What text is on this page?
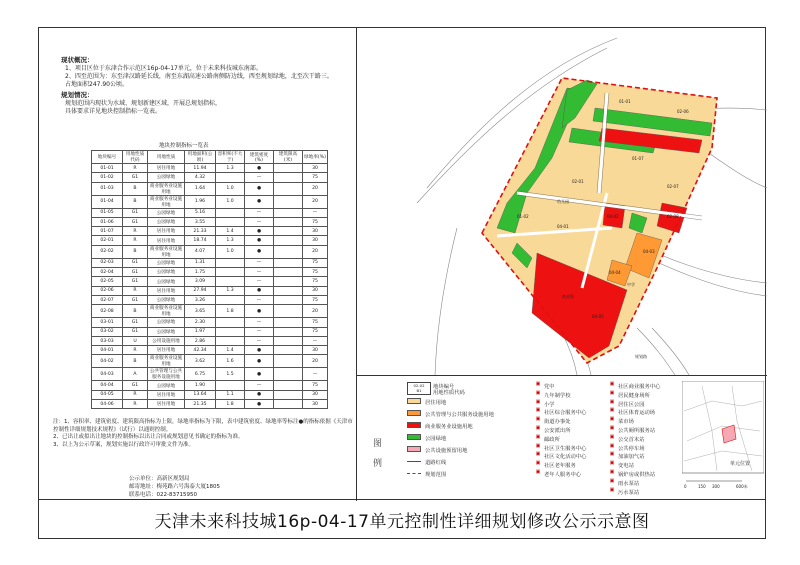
现状概况：
1、项目区位于东津合作示范区16p-04-17单元，位于未来科技城东南部。
2、四至范围为：东至津汉路延长线，南至东湖高速公路南侧防边线，西至规划绿地，北至次干路三。
占地面积247.90公顷。
规划情况：
规划范围内现状为水域、规划新建区域，开展总规划指标，
具体要求详见地块控制指标一览表。
地块控制指标一览表
地块编号	用地性质代码	用地性质	用地面积(公顷)	容积率(不大于)	建筑密度(%)	建筑限高(米)	绿地率(%)
01-01	R	居住用地	11.94	1.3	●		30
01-02	G1	公园绿地	4.32		—		75
01-03	B	商业服务业设施用地	1.64	1.0	●		20
01-04	B	商业服务业设施用地	1.96	1.0	●		20
01-05	G1	公园绿地	5.16		—		—
01-06	G1	公园绿地	3.55		—		75
01-07	R	居住用地	21.33	1.4	●		30
02-01	R	居住用地	18.74	1.3	●		30
02-02	B	商业服务业设施用地	4.07	1.0	●		20
02-03	G1	公园绿地	1.31		—		75
02-04	G1	公园绿地	1.75		—		75
02-05	G1	公园绿地	3.09		—		75
02-06	R	居住用地	27.94	1.3	●		30
02-07	G1	公园绿地	3.26		—		75
02-08	B	商业服务业设施用地	3.65	1.8	●		20
03-01	G1	公园绿地	2.30		—		75
03-02	G1	公园绿地	1.97		—		75
03-03	U	公用设施用地	2.86		—		—
04-01	R	居住用地	42.34	1.4	●		30
04-02	B	商业服务业设施用地	3.62	1.6	●		20
04-03	A	公共管理与公共服务设施用地	6.75	1.5	●		—
04-04	G1	公园绿地	1.90		—		75
04-05	R	居住用地	13.64	1.1	●		30
04-06	R	居住用地	21.35	1.8	●		30
注：1、容积率、建筑密度、建筑限高指标为上限，绿地率指标为下限，表中建筑密度、绿地率等标注●的指标依据《天津市控制性详细规划技术规程》（试行）以通则控制。
2、已出让或拟出让地块的控制指标以出让合同或规划意见书确定的指标为准。
3、以上为公示草案，规划实施以行政许可审批文件为准。
公示单位：高新区规划局
邮寄地址：梅苑路六号海泰大厦1805
联系电话：022-83715950
01-01
02-06
01-07
02-01
04-01
02-07
04-03
04-04
04-05
01-02	04-02	02-08
商业街
中学
幼儿园
规划路
图
例
02-02
B1
地块编号
用地性质代码
居住用地
公共管理与公共服务设施用地
商业服务业设施用地
公园绿地
公共设施预留用地
道路红线
规划范围
▣ 党中
▣ 九年制学校
▣ 小学
▣ 社区综合服务中心
▣ 街道办事处
▣ 公安派出所
▣ 邮政所
▣ 社区卫生服务中心
▣ 社区文化活动中心
▣ 社区老年服务
▣ 老年人服务中心
▣ 社区商业服务中心
▣ 居民健身场所
▣ 居住区公园
▣ 社区体育运动场
▣ 菜市场
▣ 公共厕所服务站
▣ 公交首末站
▣ 公共停车场
▣ 加油加气站
▣ 变电站
▣ 锅炉房或供热站
▣ 雨水泵站
▣ 污水泵站
单元位置
0	150 300	600米
天津未来科技城16p-04-17单元控制性详细规划修改公示示意图
